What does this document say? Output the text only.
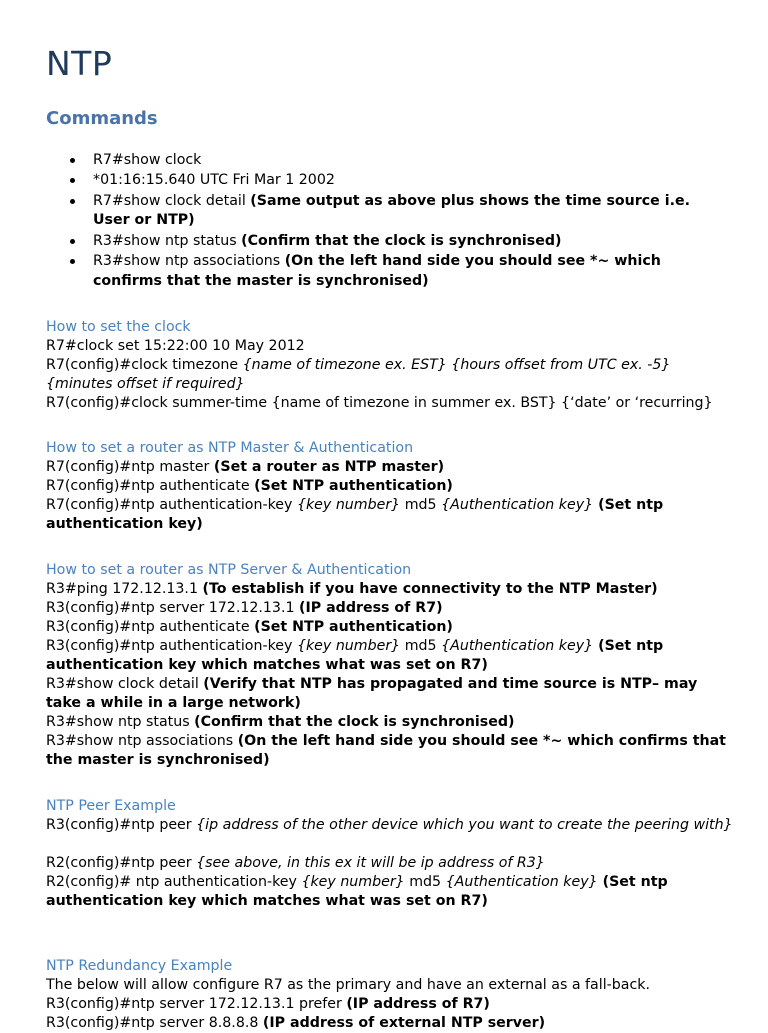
NTP
Commands
R7#show clock
*01:16:15.640 UTC Fri Mar 1 2002
R7#show clock detail (Same output as above plus shows the time source i.e. User or NTP)
R3#show ntp status (Confirm that the clock is synchronised)
R3#show ntp associations (On the left hand side you should see *~ which confirms that the master is synchronised)
How to set the clock

R7#clock set 15:22:00 10 May 2012

R7(config)#clock timezone {name of timezone ex. EST} {hours offset from UTC ex. -5} {minutes offset if required}

R7(config)#clock summer-time {name of timezone in summer ex. BST} {‘date’ or ‘recurring}

How to set a router as NTP Master & Authentication

R7(config)#ntp master (Set a router as NTP master)

R7(config)#ntp authenticate (Set NTP authentication)

R7(config)#ntp authentication-key {key number} md5 {Authentication key} (Set ntp authentication key)

How to set a router as NTP Server & Authentication

R3#ping 172.12.13.1 (To establish if you have connectivity to the NTP Master)

R3(config)#ntp server 172.12.13.1 (IP address of R7)

R3(config)#ntp authenticate (Set NTP authentication)

R3(config)#ntp authentication-key {key number} md5 {Authentication key} (Set ntp authentication key which matches what was set on R7)

R3#show clock detail (Verify that NTP has propagated and time source is NTP– may take a while in a large network)

R3#show ntp status (Confirm that the clock is synchronised)

R3#show ntp associations (On the left hand side you should see *~ which confirms that the master is synchronised)

NTP Peer Example

R3(config)#ntp peer {ip address of the other device which you want to create the peering with}

R2(config)#ntp peer {see above, in this ex it will be ip address of R3}

R2(config)# ntp authentication-key {key number} md5 {Authentication key} (Set ntp authentication key which matches what was set on R7)

NTP Redundancy Example

The below will allow configure R7 as the primary and have an external as a fall-back.

R3(config)#ntp server 172.12.13.1 prefer (IP address of R7)

R3(config)#ntp server 8.8.8.8 (IP address of external NTP server)
